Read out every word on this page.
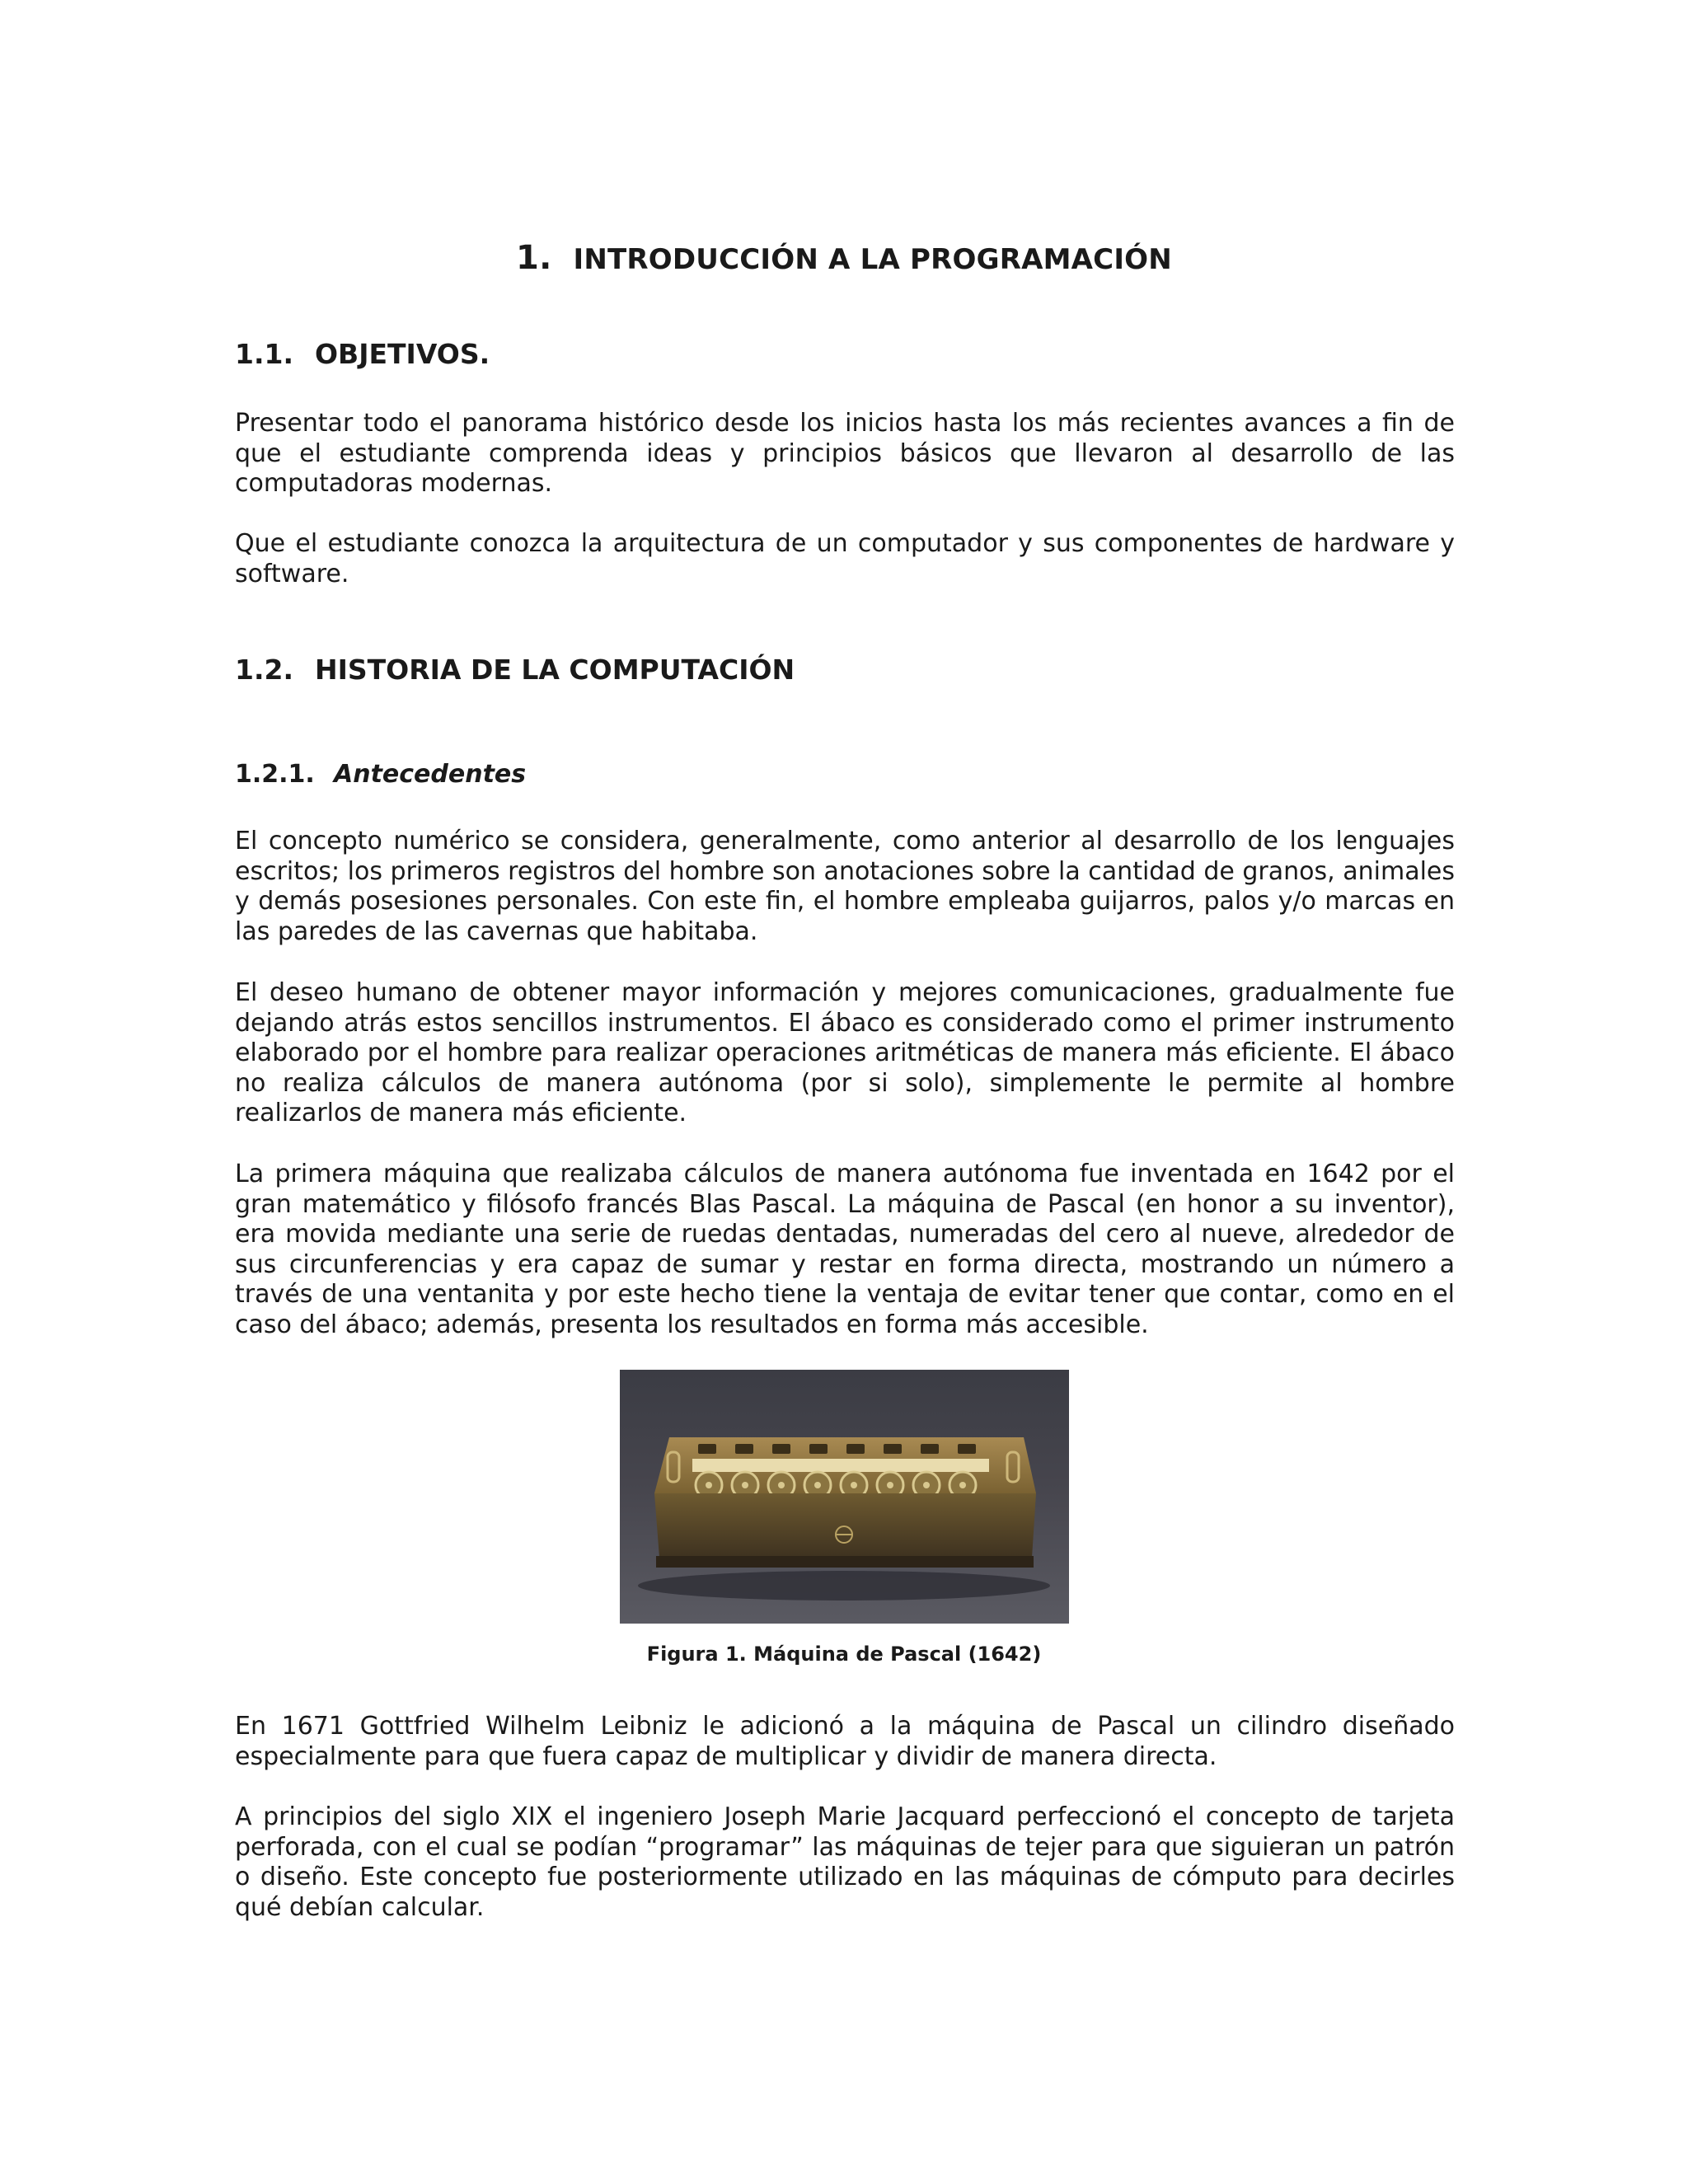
1. INTRODUCCIÓN A LA PROGRAMACIÓN
1.1. OBJETIVOS.

Presentar todo el panorama histórico desde los inicios hasta los más recientes avances a fin de que el estudiante comprenda ideas y principios básicos que llevaron al desarrollo de las computadoras modernas.

Que el estudiante conozca la arquitectura de un computador y sus componentes de hardware y software.

1.2. HISTORIA DE LA COMPUTACIÓN
1.2.1. Antecedentes

El concepto numérico se considera, generalmente, como anterior al desarrollo de los lenguajes escritos; los primeros registros del hombre son anotaciones sobre la cantidad de granos, animales y demás posesiones personales. Con este fin, el hombre empleaba guijarros, palos y/o marcas en las paredes de las cavernas que habitaba.

El deseo humano de obtener mayor información y mejores comunicaciones, gradualmente fue dejando atrás estos sencillos instrumentos. El ábaco es considerado como el primer instrumento elaborado por el hombre para realizar operaciones aritméticas de manera más eficiente. El ábaco no realiza cálculos de manera autónoma (por si solo), simplemente le permite al hombre realizarlos de manera más eficiente.

La primera máquina que realizaba cálculos de manera autónoma fue inventada en 1642 por el gran matemático y filósofo francés Blas Pascal. La máquina de Pascal (en honor a su inventor), era movida mediante una serie de ruedas dentadas, numeradas del cero al nueve, alrededor de sus circunferencias y era capaz de sumar y restar en forma directa, mostrando un número a través de una ventanita y por este hecho tiene la ventaja de evitar tener que contar, como en el caso del ábaco; además, presenta los resultados en forma más accesible.

Figura 1. Máquina de Pascal (1642)

En 1671 Gottfried Wilhelm Leibniz le adicionó a la máquina de Pascal un cilindro diseñado especialmente para que fuera capaz de multiplicar y dividir de manera directa.

A principios del siglo XIX el ingeniero Joseph Marie Jacquard perfeccionó el concepto de tarjeta perforada, con el cual se podían “programar” las máquinas de tejer para que siguieran un patrón o diseño. Este concepto fue posteriormente utilizado en las máquinas de cómputo para decirles qué debían calcular.
